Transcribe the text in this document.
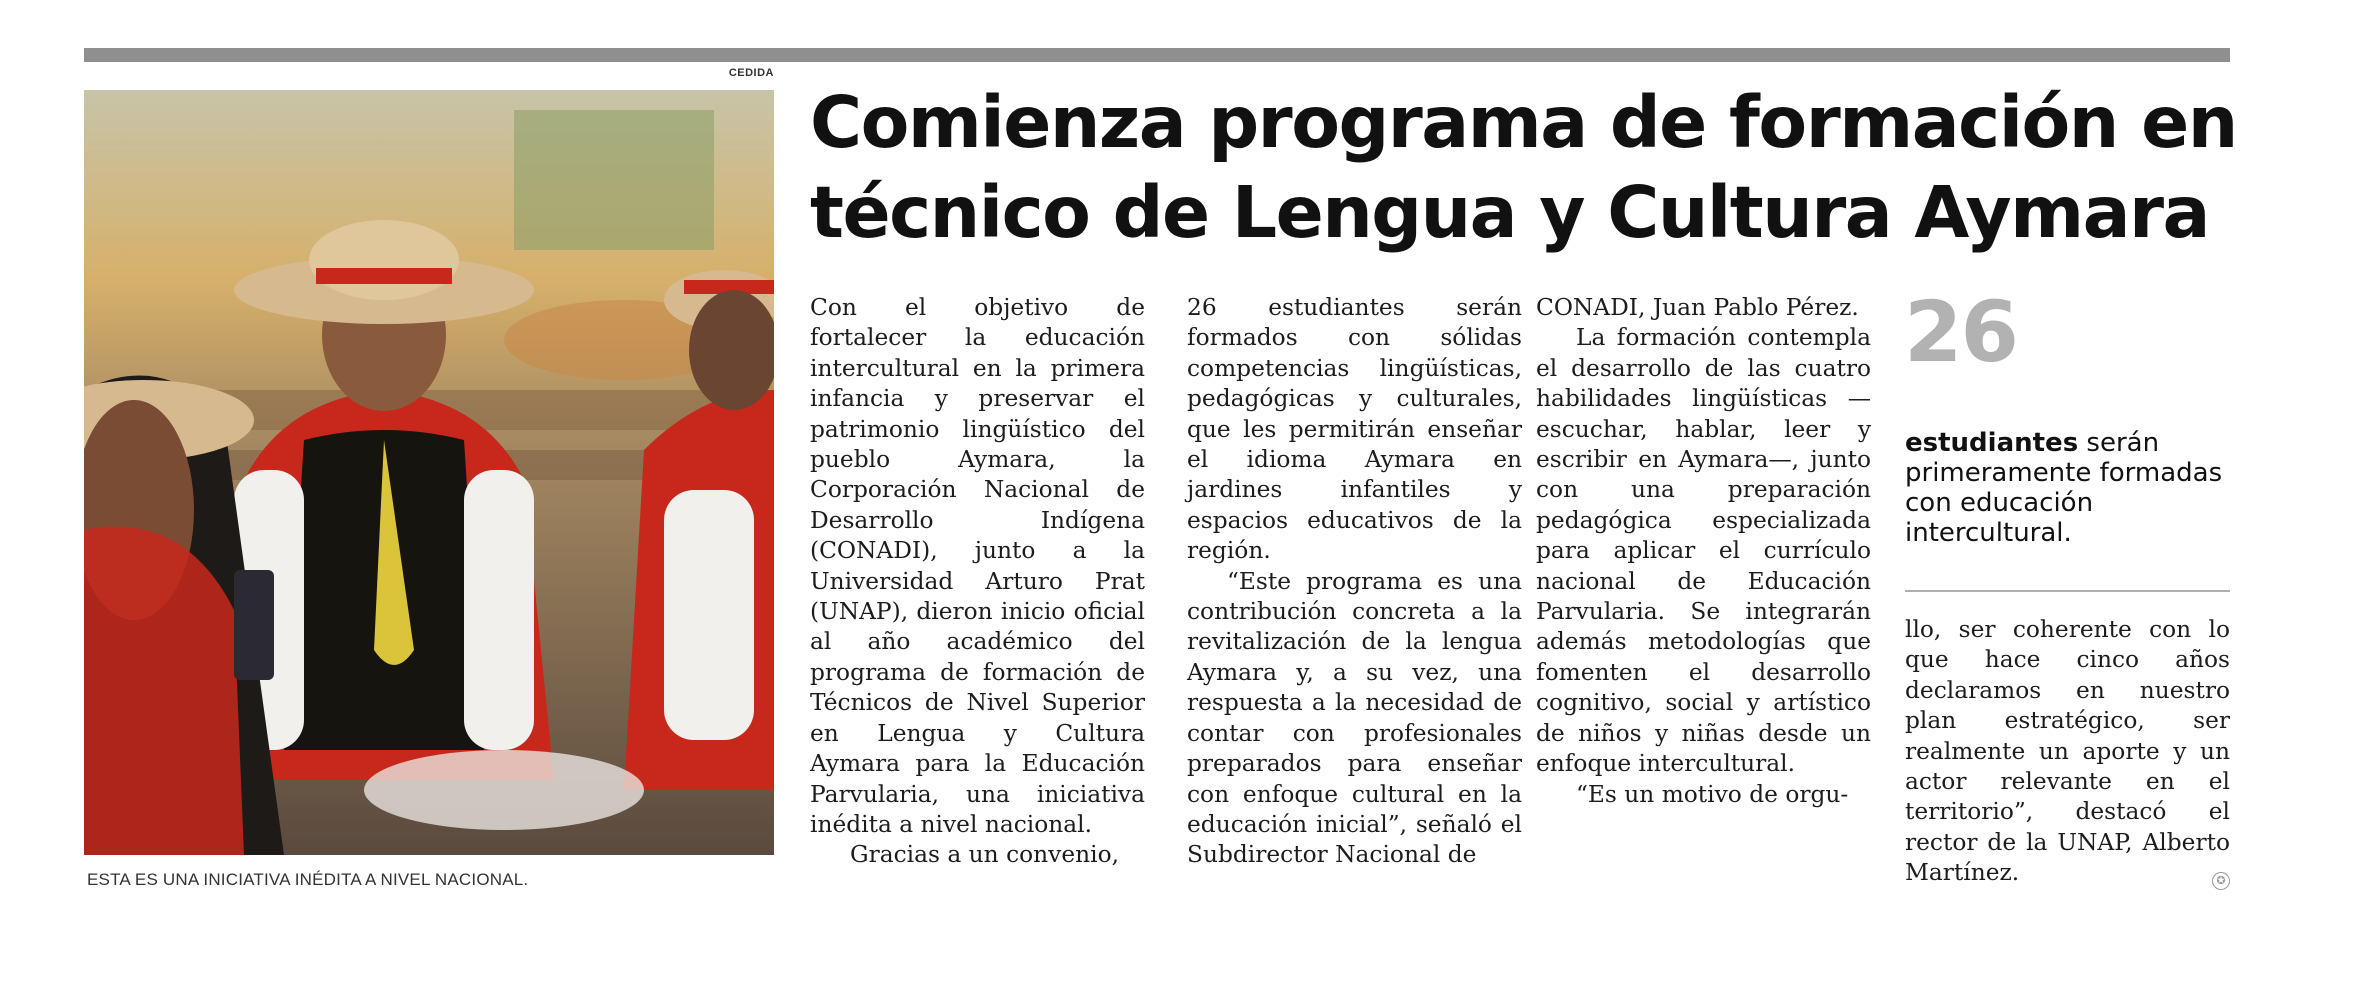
CEDIDA
ESTA ES UNA INICIATIVA INÉDITA A NIVEL NACIONAL.
Comienza programa de formación en
técnico de Lengua y Cultura Aymara

Con el objetivo de fortalecer la educación intercultural en la primera infancia y preservar el patrimonio lingüístico del pueblo Aymara, la Corporación Nacional de Desarrollo Indígena (CONADI), junto a la Universidad Arturo Prat (UNAP), dieron inicio oficial al año académico del programa de formación de Técnicos de Nivel Superior en Lengua y Cultura Aymara para la Educación Parvularia, una iniciativa inédita a nivel nacional.

Gracias a un convenio,

26 estudiantes serán formados con sólidas competencias lingüísticas, pedagógicas y culturales, que les permitirán enseñar el idioma Aymara en jardines infantiles y espacios educativos de la región.

“Este programa es una contribución concreta a la revitalización de la lengua Aymara y, a su vez, una respuesta a la necesidad de contar con profesionales preparados para enseñar con enfoque cultural en la educación inicial”, señaló el Subdirector Nacional de

CONADI, Juan Pablo Pérez.

La formación contempla el desarrollo de las cuatro habilidades lingüísticas —escuchar, hablar, leer y escribir en Aymara—, junto con una preparación pedagógica especializada para aplicar el currículo nacional de Educación Parvularia. Se integrarán además metodologías que fomenten el desarrollo cognitivo, social y artístico de niños y niñas desde un enfoque intercultural.

“Es un motivo de orgu-

26
estudiantes serán primeramente formadas con educación intercultural.

llo, ser coherente con lo que hace cinco años declaramos en nuestro plan estratégico, ser realmente un aporte y un actor relevante en el territorio”, destacó el rector de la UNAP, Alberto Martínez.	✪
